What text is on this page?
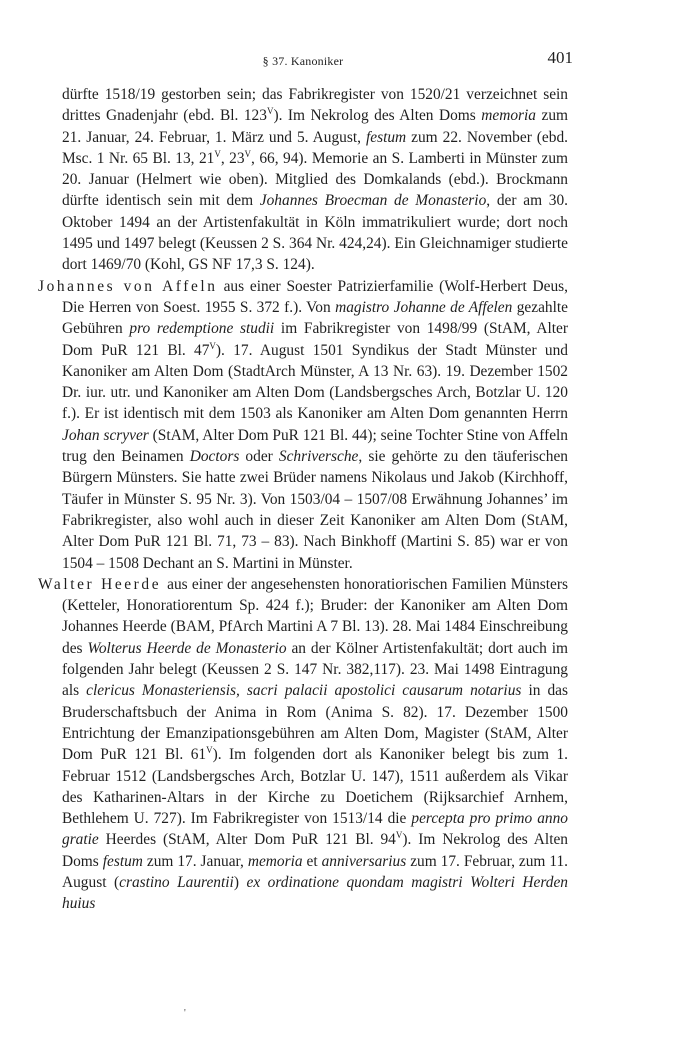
§ 37. Kanoniker	401

dürfte 1518/19 gestorben sein; das Fabrikregister von 1520/21 verzeichnet sein drittes Gnadenjahr (ebd. Bl. $123^V$). Im Nekrolog des Alten Doms memoria zum 21. Januar, 24. Februar, 1. März und 5. August, festum zum 22. November (ebd. Msc. 1 Nr. 65 Bl. 13, $21^V$, $23^V$, 66, 94). Memorie an S. Lamberti in Münster zum 20. Januar (Helmert wie oben). Mitglied des Domkalands (ebd.). Brockmann dürfte identisch sein mit dem Johannes Broecman de Monasterio, der am 30. Oktober 1494 an der Artistenfakultät in Köln immatrikuliert wurde; dort noch 1495 und 1497 belegt (Keussen 2 S. 364 Nr. 424,24). Ein Gleichnamiger studierte dort 1469/70 (Kohl, GS NF 17,3 S. 124).

Johannes von Affeln aus einer Soester Patrizierfamilie (Wolf-Herbert Deus, Die Herren von Soest. 1955 S. 372 f.). Von magistro Johanne de Affelen gezahlte Gebühren pro redemptione studii im Fabrikregister von 1498/99 (StAM, Alter Dom PuR 121 Bl. $47^V$). 17. August 1501 Syndikus der Stadt Münster und Kanoniker am Alten Dom (StadtArch Münster, A 13 Nr. 63). 19. Dezember 1502 Dr. iur. utr. und Kanoniker am Alten Dom (Landsbergsches Arch, Botzlar U. 120 f.). Er ist identisch mit dem 1503 als Kanoniker am Alten Dom genannten Herrn Johan scryver (StAM, Alter Dom PuR 121 Bl. 44); seine Tochter Stine von Affeln trug den Beinamen Doctors oder Schriversche, sie gehörte zu den täuferischen Bürgern Münsters. Sie hatte zwei Brüder namens Nikolaus und Jakob (Kirchhoff, Täufer in Münster S. 95 Nr. 3). Von 1503/04 – 1507/08 Erwähnung Johannes’ im Fabrikregister, also wohl auch in dieser Zeit Kanoniker am Alten Dom (StAM, Alter Dom PuR 121 Bl. 71, 73 – 83). Nach Binkhoff (Martini S. 85) war er von 1504 – 1508 Dechant an S. Martini in Münster.

Walter Heerde aus einer der angesehensten honoratiorischen Familien Münsters (Ketteler, Honoratiorentum Sp. 424 f.); Bruder: der Kanoniker am Alten Dom Johannes Heerde (BAM, PfArch Martini A 7 Bl. 13). 28. Mai 1484 Einschreibung des Wolterus Heerde de Monasterio an der Kölner Artistenfakultät; dort auch im folgenden Jahr belegt (Keussen 2 S. 147 Nr. 382,117). 23. Mai 1498 Eintragung als clericus Monasteriensis, sacri palacii apostolici causarum notarius in das Bruderschaftsbuch der Anima in Rom (Anima S. 82). 17. Dezember 1500 Entrichtung der Emanzipationsgebühren am Alten Dom, Magister (StAM, Alter Dom PuR 121 Bl. $61^V$). Im folgenden dort als Kanoniker belegt bis zum 1. Februar 1512 (Landsbergsches Arch, Botzlar U. 147), 1511 außerdem als Vikar des Katharinen-Altars in der Kirche zu Doetichem (Rijksarchief Arnhem, Bethlehem U. 727). Im Fabrikregister von 1513/14 die percepta pro primo anno gratie Heerdes (StAM, Alter Dom PuR 121 Bl. $94^V$). Im Nekrolog des Alten Doms festum zum 17. Januar, memoria et anniversarius zum 17. Februar, zum 11. August (crastino Laurentii) ex ordinatione quondam magistri Wolteri Herden huius

'
